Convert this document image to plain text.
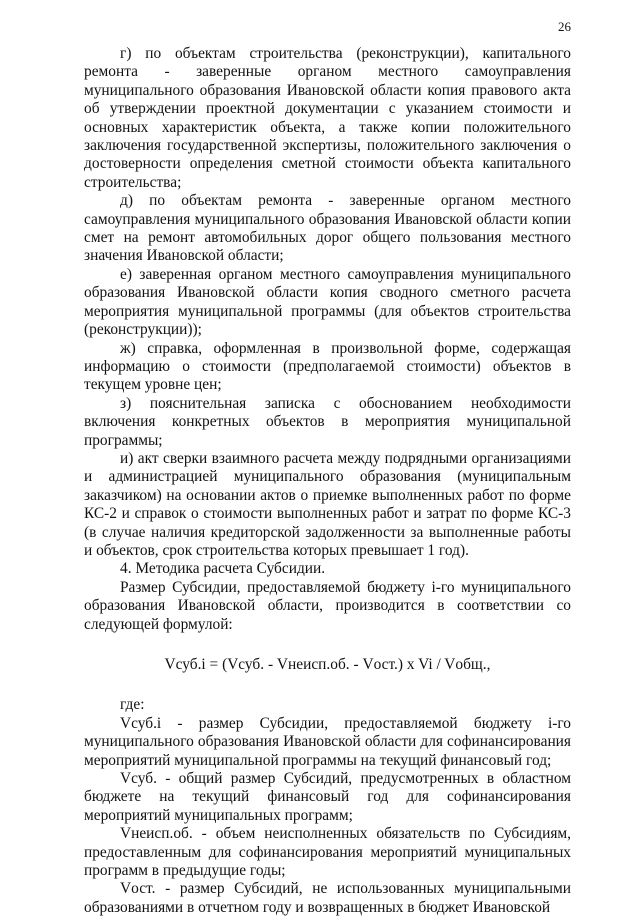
26

г) по объектам строительства (реконструкции), капитального ремонта - заверенные органом местного самоуправления муниципального образования Ивановской области копия правового акта об утверждении проектной документации с указанием стоимости и основных характеристик объекта, а также копии положительного заключения государственной экспертизы, положительного заключения о достоверности определения сметной стоимости объекта капитального строительства;

д) по объектам ремонта - заверенные органом местного самоуправления муниципального образования Ивановской области копии смет на ремонт автомобильных дорог общего пользования местного значения Ивановской области;

е) заверенная органом местного самоуправления муниципального образования Ивановской области копия сводного сметного расчета мероприятия муниципальной программы (для объектов строительства (реконструкции));

ж) справка, оформленная в произвольной форме, содержащая информацию о стоимости (предполагаемой стоимости) объектов в текущем уровне цен;

з) пояснительная записка с обоснованием необходимости включения конкретных объектов в мероприятия муниципальной программы;

и) акт сверки взаимного расчета между подрядными организациями и администрацией муниципального образования (муниципальным заказчиком) на основании актов о приемке выполненных работ по форме КС-2 и справок о стоимости выполненных работ и затрат по форме КС-3 (в случае наличия кредиторской задолженности за выполненные работы и объектов, срок строительства которых превышает 1 год).

4. Методика расчета Субсидии.

Размер Субсидии, предоставляемой бюджету i-го муниципального образования Ивановской области, производится в соответствии со следующей формулой:

Vсуб.i = (Vсуб. - Vнеисп.об. - Vост.) x Vi / Vобщ.,

где:

Vсуб.i - размер Субсидии, предоставляемой бюджету i-го муниципального образования Ивановской области для софинансирования мероприятий муниципальной программы на текущий финансовый год;

Vсуб. - общий размер Субсидий, предусмотренных в областном бюджете на текущий финансовый год для софинансирования мероприятий муниципальных программ;

Vнеисп.об. - объем неисполненных обязательств по Субсидиям, предоставленным для софинансирования мероприятий муниципальных программ в предыдущие годы;

Vост. - размер Субсидий, не использованных муниципальными образованиями в отчетном году и возвращенных в бюджет Ивановской
